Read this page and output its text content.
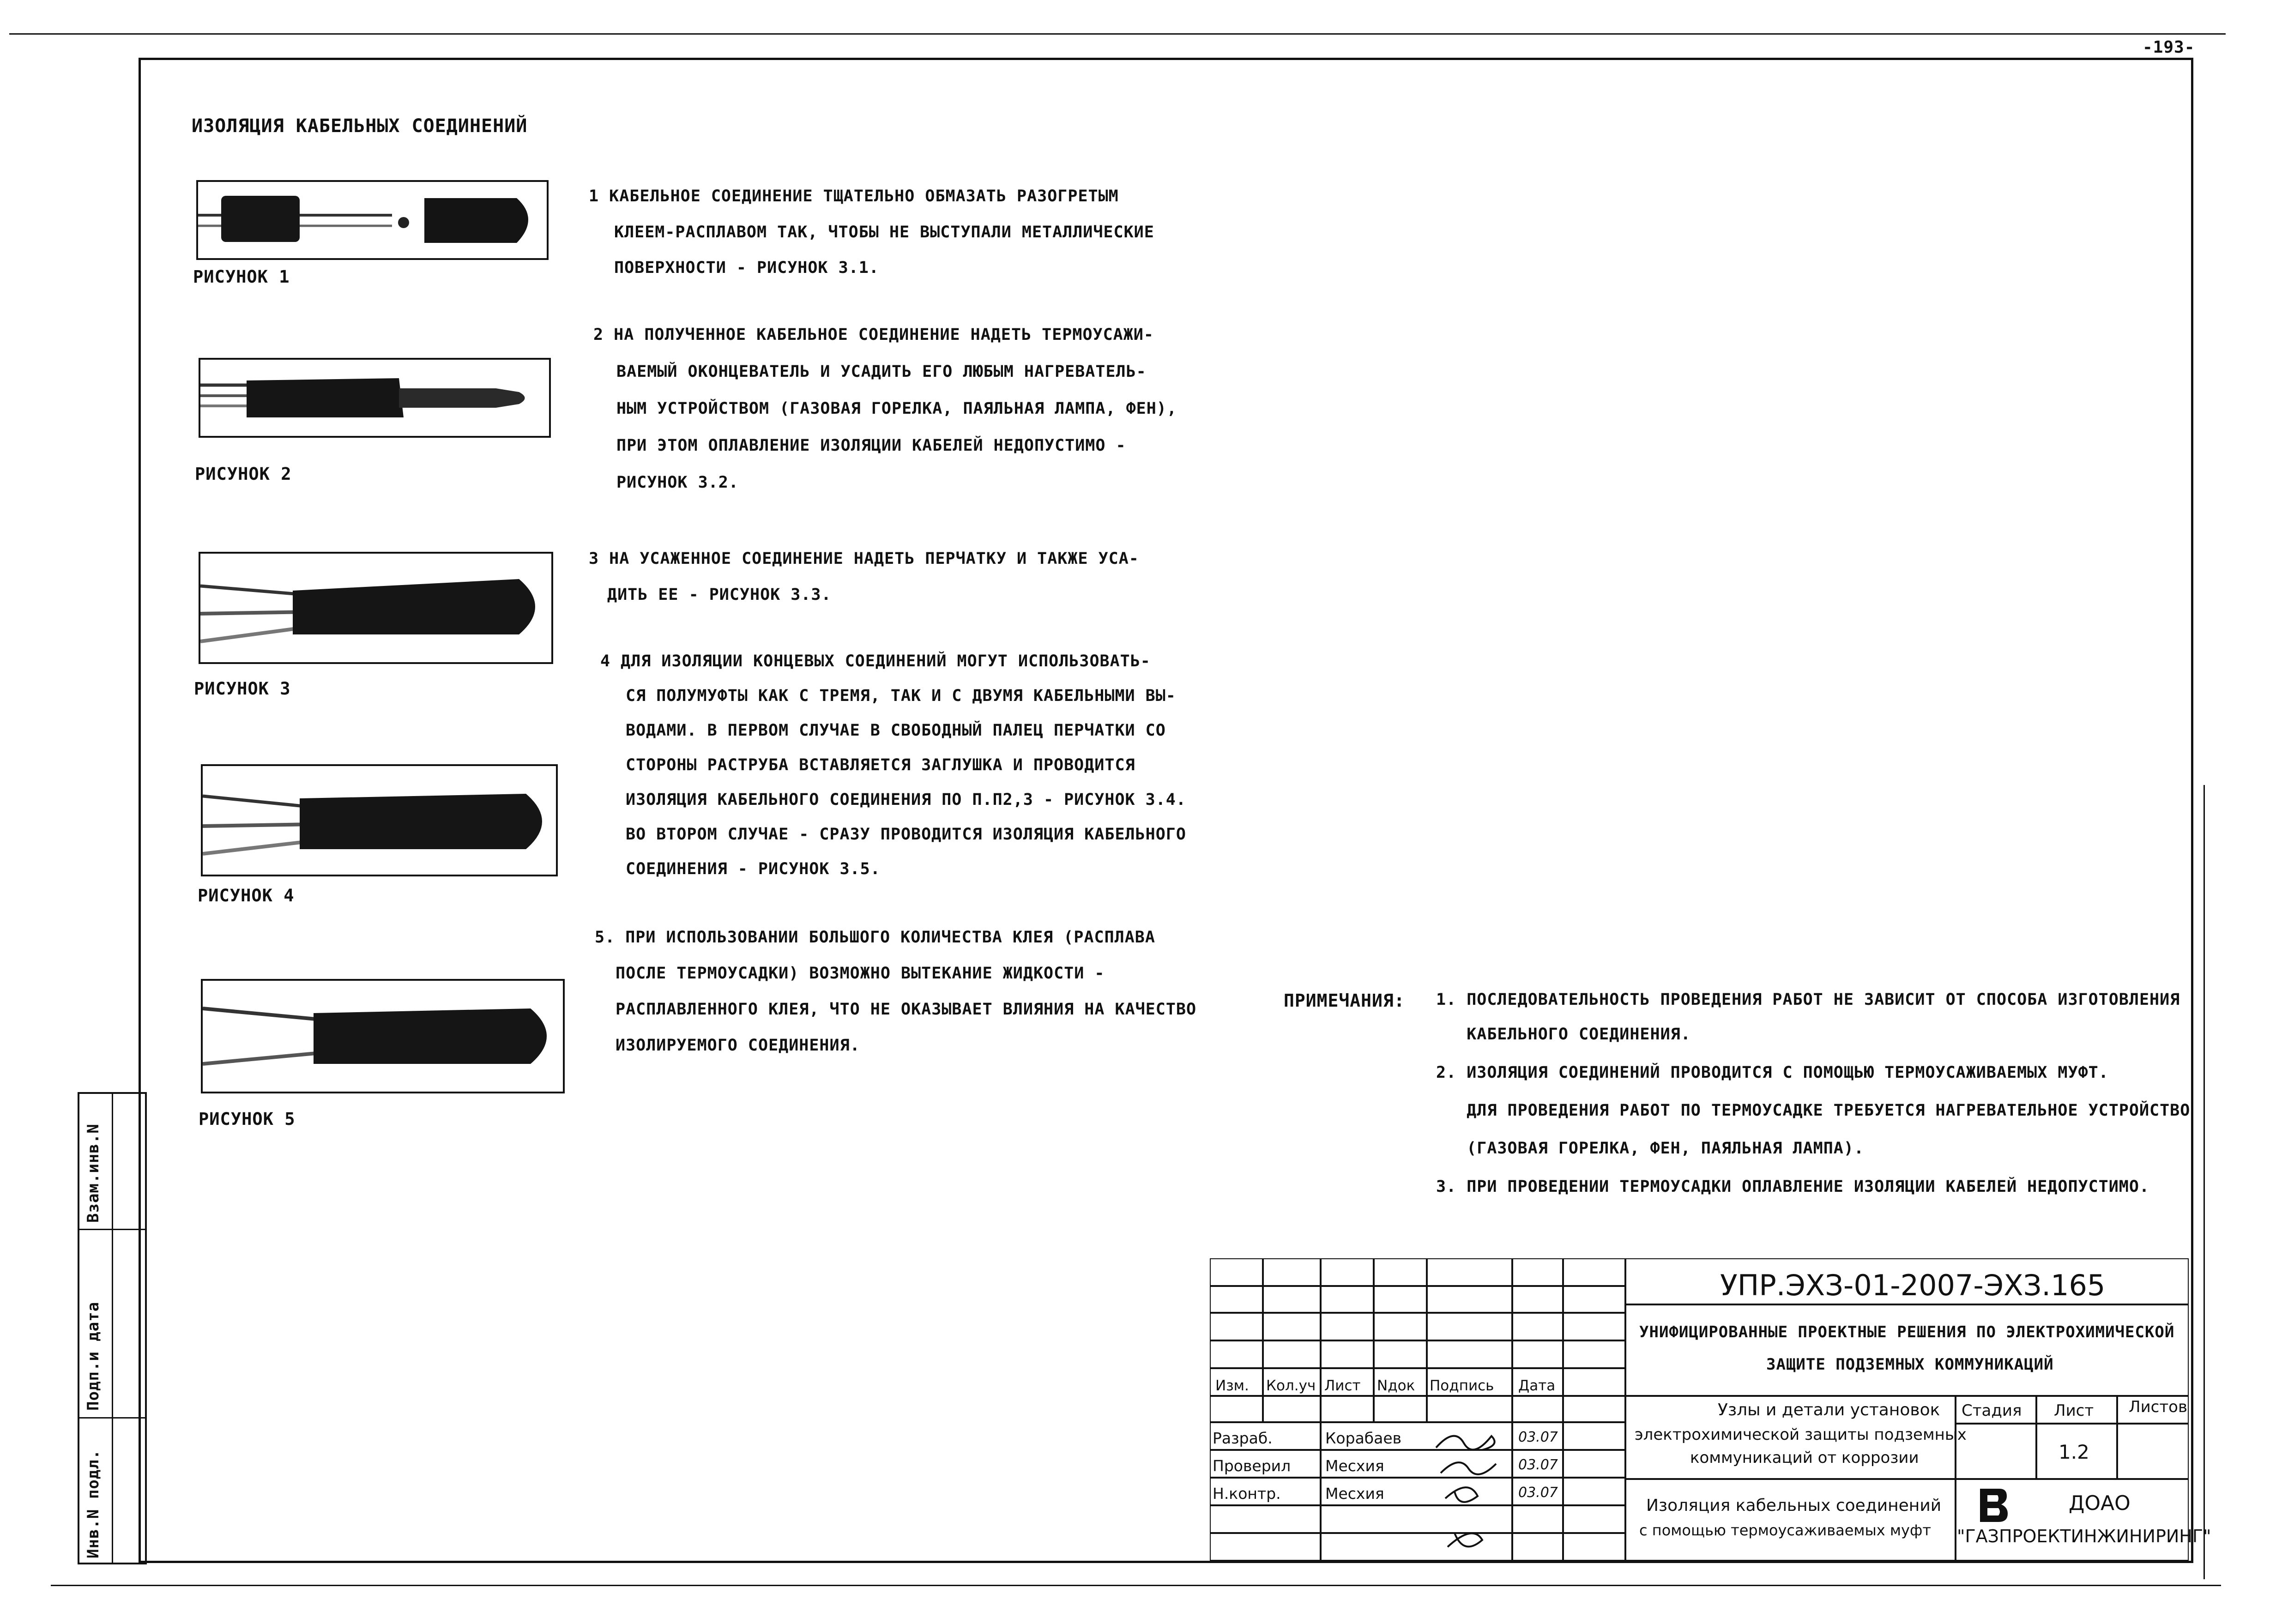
-193-
Взам.инв.N
Подп.и дата
Инв.N подл.
ИЗОЛЯЦИЯ КАБЕЛЬНЫХ СОЕДИНЕНИЙ
РИСУНОК 1
РИСУНОК 2
РИСУНОК 3
РИСУНОК 4
РИСУНОК 5
1 КАБЕЛЬНОЕ СОЕДИНЕНИЕ ТЩАТЕЛЬНО ОБМАЗАТЬ РАЗОГРЕТЫМ
КЛЕЕМ-РАСПЛАВОМ ТАК, ЧТОБЫ НЕ ВЫСТУПАЛИ МЕТАЛЛИЧЕСКИЕ
ПОВЕРХНОСТИ - РИСУНОК 3.1.
2 НА ПОЛУЧЕННОЕ КАБЕЛЬНОЕ СОЕДИНЕНИЕ НАДЕТЬ ТЕРМОУСАЖИ-
ВАЕМЫЙ ОКОНЦЕВАТЕЛЬ И УСАДИТЬ ЕГО ЛЮБЫМ НАГРЕВАТЕЛЬ-
НЫМ УСТРОЙСТВОМ (ГАЗОВАЯ ГОРЕЛКА, ПАЯЛЬНАЯ ЛАМПА, ФЕН),
ПРИ ЭТОМ ОПЛАВЛЕНИЕ ИЗОЛЯЦИИ КАБЕЛЕЙ НЕДОПУСТИМО -
РИСУНОК 3.2.
3 НА УСАЖЕННОЕ СОЕДИНЕНИЕ НАДЕТЬ ПЕРЧАТКУ И ТАКЖЕ УСА-
ДИТЬ ЕЕ - РИСУНОК 3.3.
4 ДЛЯ ИЗОЛЯЦИИ КОНЦЕВЫХ СОЕДИНЕНИЙ МОГУТ ИСПОЛЬЗОВАТЬ-
СЯ ПОЛУМУФТЫ КАК С ТРЕМЯ, ТАК И С ДВУМЯ КАБЕЛЬНЫМИ ВЫ-
ВОДАМИ. В ПЕРВОМ СЛУЧАЕ В СВОБОДНЫЙ ПАЛЕЦ ПЕРЧАТКИ СО
СТОРОНЫ РАСТРУБА ВСТАВЛЯЕТСЯ ЗАГЛУШКА И ПРОВОДИТСЯ
ИЗОЛЯЦИЯ КАБЕЛЬНОГО СОЕДИНЕНИЯ ПО П.П2,3 - РИСУНОК 3.4.
ВО ВТОРОМ СЛУЧАЕ - СРАЗУ ПРОВОДИТСЯ ИЗОЛЯЦИЯ КАБЕЛЬНОГО
СОЕДИНЕНИЯ - РИСУНОК 3.5.
5. ПРИ ИСПОЛЬЗОВАНИИ БОЛЬШОГО КОЛИЧЕСТВА КЛЕЯ (РАСПЛАВА
ПОСЛЕ ТЕРМОУСАДКИ) ВОЗМОЖНО ВЫТЕКАНИЕ ЖИДКОСТИ -
РАСПЛАВЛЕННОГО КЛЕЯ, ЧТО НЕ ОКАЗЫВАЕТ ВЛИЯНИЯ НА КАЧЕСТВО
ИЗОЛИРУЕМОГО СОЕДИНЕНИЯ.
ПРИМЕЧАНИЯ: 1. ПОСЛЕДОВАТЕЛЬНОСТЬ ПРОВЕДЕНИЯ РАБОТ НЕ ЗАВИСИТ ОТ СПОСОБА ИЗГОТОВЛЕНИЯ
КАБЕЛЬНОГО СОЕДИНЕНИЯ.
2. ИЗОЛЯЦИЯ СОЕДИНЕНИЙ ПРОВОДИТСЯ С ПОМОЩЬЮ ТЕРМОУСАЖИВАЕМЫХ МУФТ.
ДЛЯ ПРОВЕДЕНИЯ РАБОТ ПО ТЕРМОУСАДКЕ ТРЕБУЕТСЯ НАГРЕВАТЕЛЬНОЕ УСТРОЙСТВО
(ГАЗОВАЯ ГОРЕЛКА, ФЕН, ПАЯЛЬНАЯ ЛАМПА).
3. ПРИ ПРОВЕДЕНИИ ТЕРМОУСАДКИ ОПЛАВЛЕНИЕ ИЗОЛЯЦИИ КАБЕЛЕЙ НЕДОПУСТИМО.
УПР.ЭХЗ-01-2007-ЭХЗ.165
УНИФИЦИРОВАННЫЕ ПРОЕКТНЫЕ РЕШЕНИЯ ПО ЭЛЕКТРОХИМИЧЕСКОЙ
ЗАЩИТЕ ПОДЗЕМНЫХ КОММУНИКАЦИЙ
Изм. Кол.уч Лист Nдок Подпись Дата
Разраб.	Корабаев	03.07
Проверил Месхия	03.07
Н.контр.	Месхия	03.07
Узлы и детали установок
электрохимической защиты подземных
коммуникаций от коррозии
Стадия Лист Листов
1.2
Изоляция кабельных соединений
с помощью термоусаживаемых муфт
ДОАО
"ГАЗПРОЕКТИНЖИНИРИНГ"
